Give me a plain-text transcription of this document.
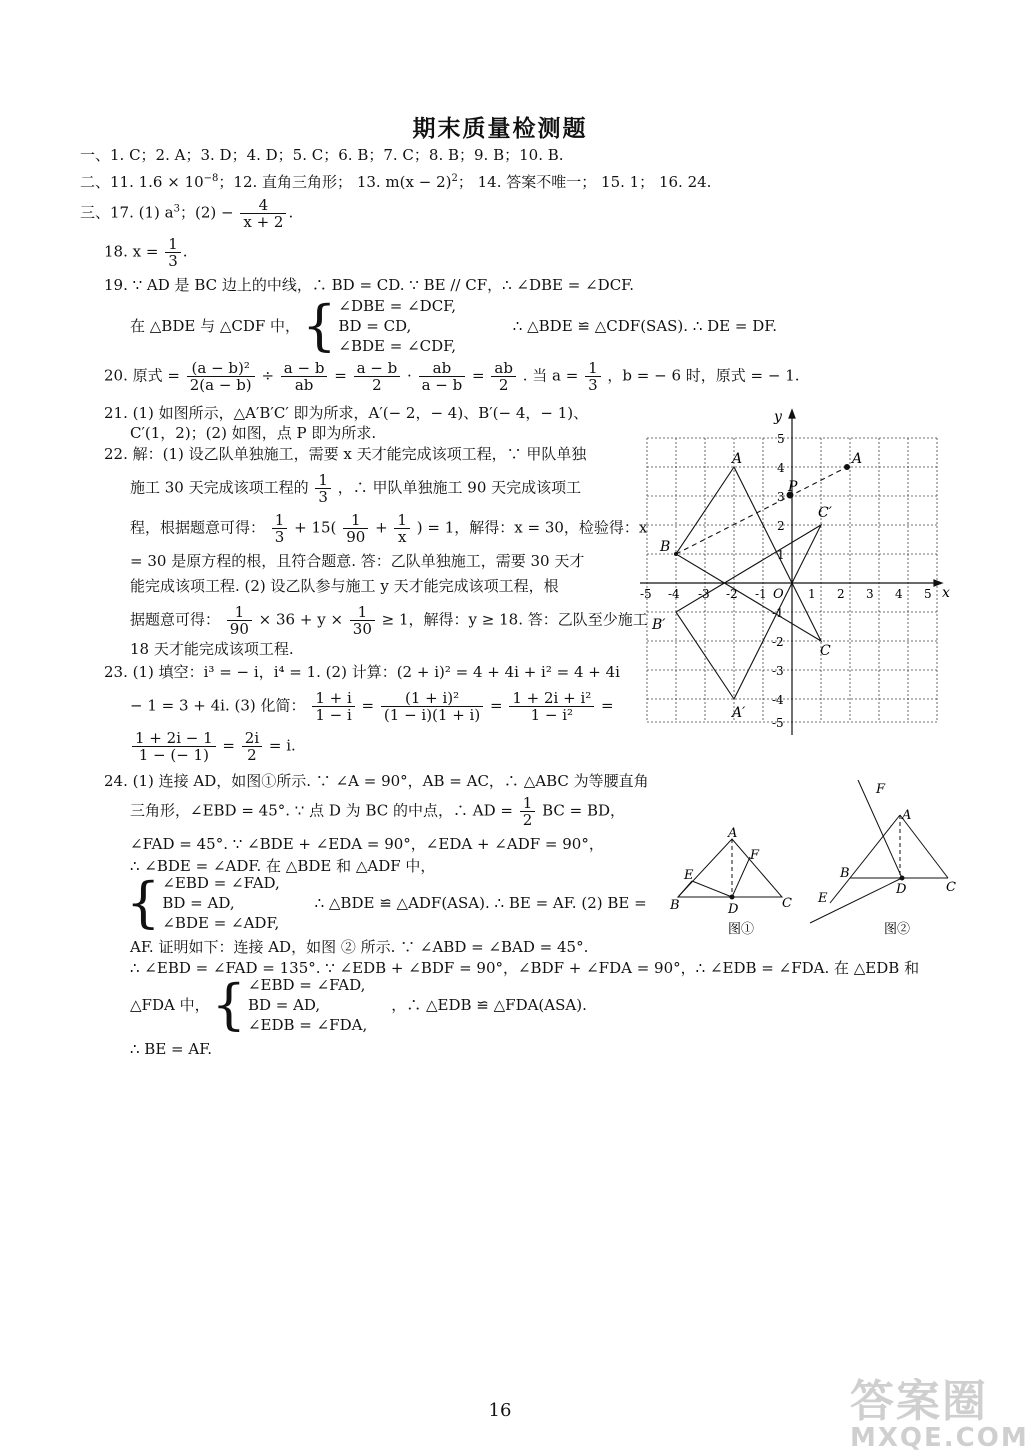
期末质量检测题
一、1. C；2. A；3. D；4. D；5. C；6. B；7. C；8. B；9. B；10. B.
二、11. $1.6 \times 10^{-8}$；12. 直角三角形； 13. $m(x - 2)^2$； 14. 答案不唯一； 15. 1； 16. 24.
三、17. (1) $a^3$；$(2) - \frac{4}{x + 2}$ .
18. $x = \frac{1}{3}$ .
19. ∵ AD 是 BC 边上的中线，∴ BD = CD. ∵ BE // CF，∴ ∠DBE = ∠DCF.
在 △BDE 与 △CDF 中，{ ∠DBE = ∠DCF,
BD = CD,
∠BDE = ∠CDF,
∴ △BDE ≌ △CDF(SAS). ∴ DE = DF.
20. 原式 = $\frac{\text{(a − b)²}}{2(a - b)} \div \frac{a - b}{ab} = \frac{a - b}{2} \cdot \frac{ab}{a - b} = \frac{ab}{2}$ . 当 $a = \frac{1}{3}$ ，b = − 6 时，原式 = − 1.
21. (1) 如图所示，△A′B′C′ 即为所求，A′(− 2，− 4)、B′(− 4，− 1)、
C′(1，2)；(2) 如图，点 P 即为所求.
22. 解：(1) 设乙队单独施工，需要 x 天才能完成该项工程，∵ 甲队单独
施工 30 天完成该项工程的 $\frac{1}{3}$ ，∴ 甲队单独施工 90 天完成该项工
程，根据题意可得： $\frac{1}{3} + 15( \frac{1}{90} + \frac{1}{x}$ ) = 1，解得：x = 30，检验得：x
= 30 是原方程的根，且符合题意. 答：乙队单独施工，需要 30 天才
能完成该项工程. (2) 设乙队参与施工 y 天才能完成该项工程，根
据题意可得： $\frac{1}{90} \times 36 + y \times \frac{1}{30} \ge 1$，解得：y ≥ 18. 答：乙队至少施工
18 天才能完成该项工程.
23. (1) 填空：i³ = − i，i⁴ = 1. (2) 计算：(2 + i)² = 4 + 4i + i² = 4 + 4i
− 1 = 3 + 4i. (3) 化简： $\frac{1 + i}{1 - i} = \frac{\text{(1 + i)²}}{(1 - i)(1 + i)} = \frac{\text{1 + 2i + i²}}{\text{1 − i²}}$ =
$\frac{1 + 2i - 1}{1 - (- 1)} = \frac{2i}{2} = i$.
24. (1) 连接 AD，如图①所示. ∵ ∠A = 90°，AB = AC，∴ △ABC 为等腰直角
三角形，∠EBD = 45°. ∵ 点 D 为 BC 的中点，∴ AD = $\frac{1}{2}$ BC = BD，
∠FAD = 45°. ∵ ∠BDE + ∠EDA = 90°，∠EDA + ∠ADF = 90°，
∴ ∠BDE = ∠ADF. 在 △BDE 和 △ADF 中，
{ ∠EBD = ∠FAD,
BD = AD,
∠BDE = ∠ADF,
∴ △BDE ≌ △ADF(ASA). ∴ BE = AF. (2) BE =
AF. 证明如下：连接 AD，如图 ② 所示. ∵ ∠ABD = ∠BAD = 45°.
∴ ∠EBD = ∠FAD = 135°. ∵ ∠EDB + ∠BDF = 90°，∠BDF + ∠FDA = 90°，∴ ∠EDB = ∠FDA. 在 △EDB 和
△FDA 中，{ ∠EBD = ∠FAD,
BD = AD,
∠EDB = ∠FDA,
，∴ △EDB ≌ △FDA(ASA).
∴ BE = AF.
x
y
O
-5 -4 -3 -2 -1	1 2 3 4 5
5
4
3
2
1
-1
-2
-3
-4
-5
A	A
B
C
P
C′
B′
A′
A
B	C
D
E
F
图①
F
A
B
C
D
E
图②
16	答案圈
MXQE.COM
